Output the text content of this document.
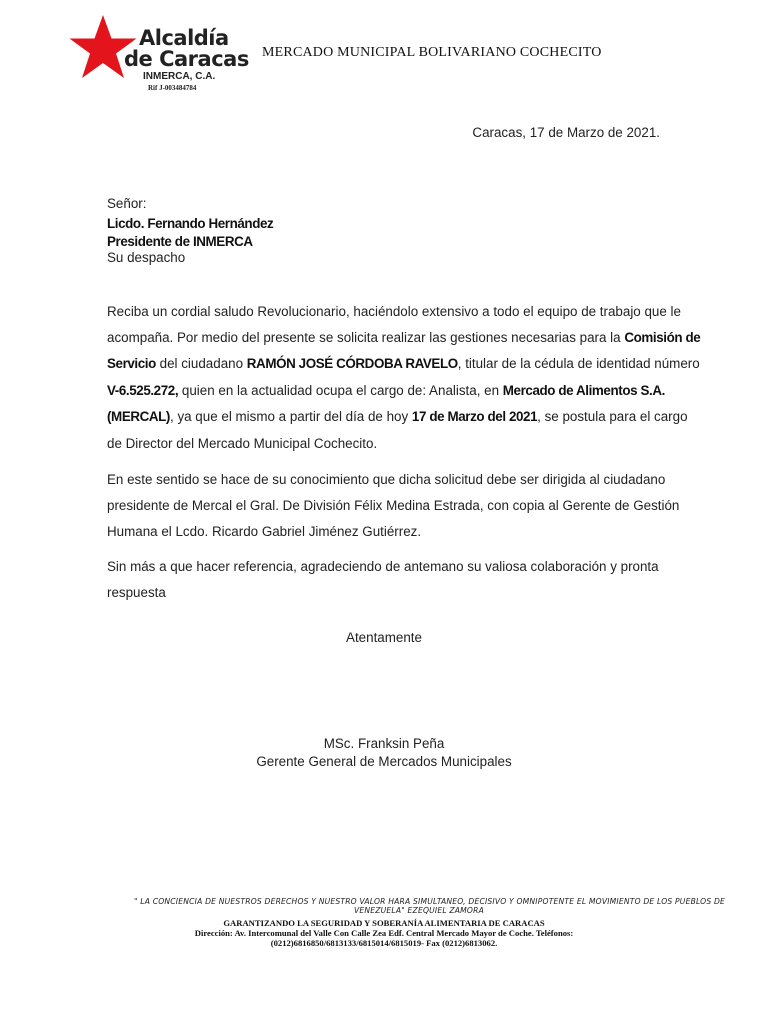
Alcaldía
de Caracas
INMERCA, C.A.
Rif J-003484784
MERCADO MUNICIPAL BOLIVARIANO COCHECITO
Caracas, 17 de Marzo de 2021.
Señor:
Licdo. Fernando Hernández
Presidente de INMERCA
Su despacho
Reciba un cordial saludo Revolucionario, haciéndolo extensivo a todo el equipo de trabajo que le
acompaña. Por medio del presente se solicita realizar las gestiones necesarias para la Comisión de
Servicio del ciudadano RAMÓN JOSÉ CÓRDOBA RAVELO, titular de la cédula de identidad número
V-6.525.272, quien en la actualidad ocupa el cargo de: Analista, en Mercado de Alimentos S.A.
(MERCAL), ya que el mismo a partir del día de hoy 17 de Marzo del 2021, se postula para el cargo
de Director del Mercado Municipal Cochecito.
En este sentido se hace de su conocimiento que dicha solicitud debe ser dirigida al ciudadano
presidente de Mercal el Gral. De División Félix Medina Estrada, con copia al Gerente de Gestión
Humana el Lcdo. Ricardo Gabriel Jiménez Gutiérrez.
Sin más a que hacer referencia, agradeciendo de antemano su valiosa colaboración y pronta
respuesta
Atentamente
MSc. Franksin Peña
Gerente General de Mercados Municipales
" LA CONCIENCIA DE NUESTROS DERECHOS Y NUESTRO VALOR HARA SIMULTANEO, DECISIVO Y OMNIPOTENTE EL MOVIMIENTO DE LOS PUEBLOS DE
VENEZUELA" EZEQUIEL ZAMORA
GARANTIZANDO LA SEGURIDAD Y SOBERANÍA ALIMENTARIA DE CARACAS
Dirección: Av. Intercomunal del Valle Con Calle Zea Edf. Central Mercado Mayor de Coche. Teléfonos:
(0212)6816850/6813133/6815014/6815019- Fax (0212)6813062.
